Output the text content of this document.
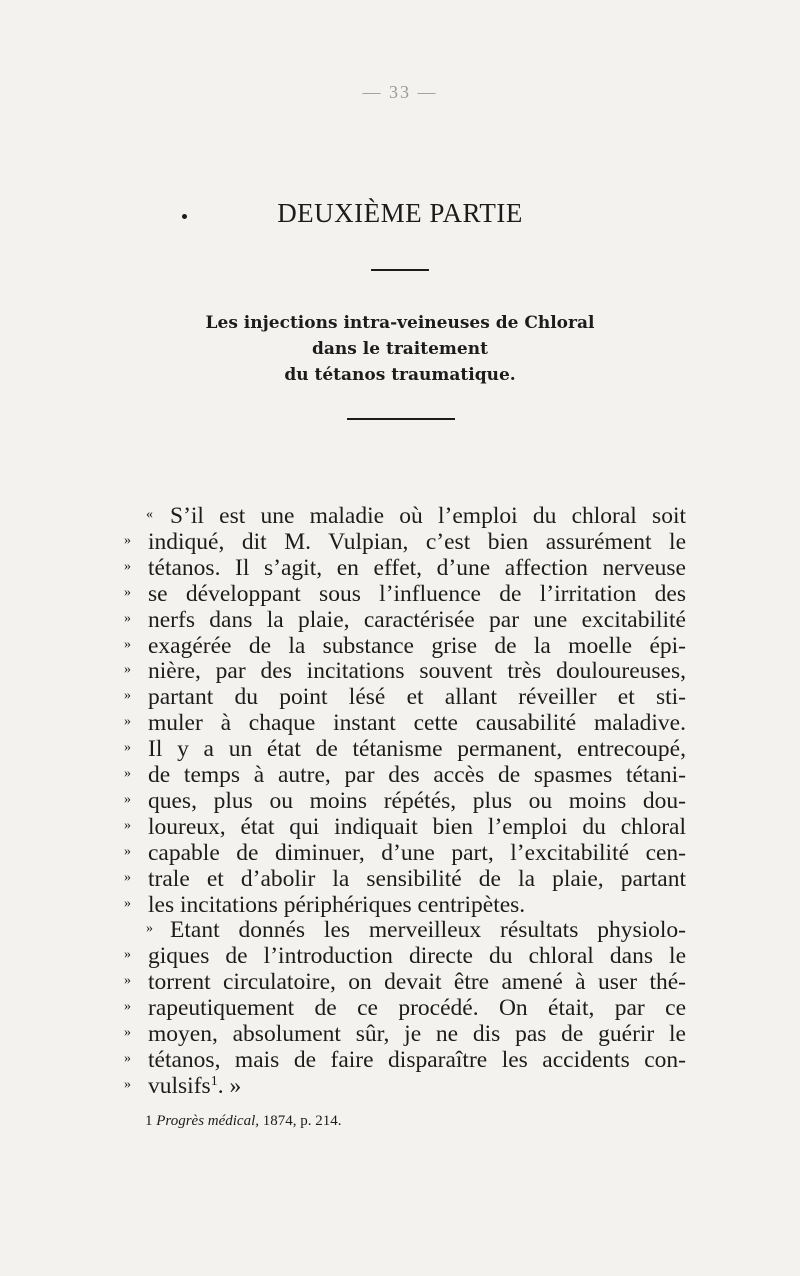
— 33 —
DEUXIÈME PARTIE
Les injections intra-veineuses de Chloral
dans le traitement
du tétanos traumatique.
« S’il est une maladie où l’emploi du chloral soit
» indiqué, dit M. Vulpian, c’est bien assurément le
» tétanos. Il s’agit, en effet, d’une affection nerveuse
» se développant sous l’influence de l’irritation des
» nerfs dans la plaie, caractérisée par une excitabilité
» exagérée de la substance grise de la moelle épi-
» nière, par des incitations souvent très douloureuses,
» partant du point lésé et allant réveiller et sti-
» muler à chaque instant cette causabilité maladive.
» Il y a un état de tétanisme permanent, entrecoupé,
» de temps à autre, par des accès de spasmes tétani-
» ques, plus ou moins répétés, plus ou moins dou-
» loureux, état qui indiquait bien l’emploi du chloral
» capable de diminuer, d’une part, l’excitabilité cen-
» trale et d’abolir la sensibilité de la plaie, partant
» les incitations périphériques centripètes.
» Etant donnés les merveilleux résultats physiolo-
» giques de l’introduction directe du chloral dans le
» torrent circulatoire, on devait être amené à user thé-
» rapeutiquement de ce procédé. On était, par ce
» moyen, absolument sûr, je ne dis pas de guérir le
» tétanos, mais de faire disparaître les accidents con-
» vulsifs$^1$. »
1 Progrès médical, 1874, p. 214.
